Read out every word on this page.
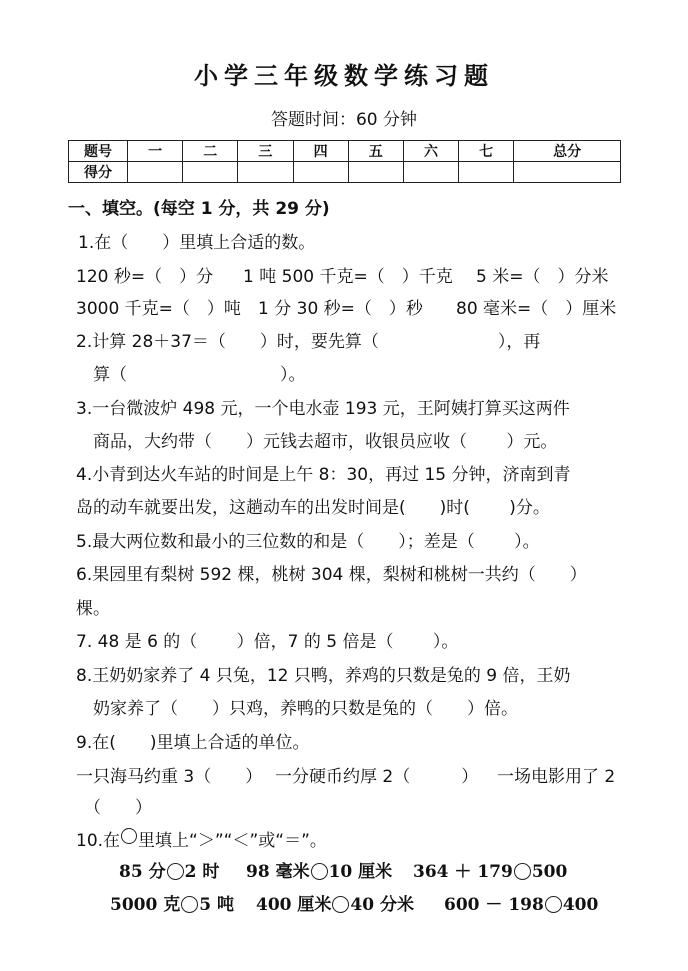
小学三年级数学练习题
答题时间：60 分钟
题号	一	二	三	四	五	六	七	总分
得分								
一、填空。(每空 1 分，共 29 分)
1.在（　　）里填上合适的数。
120 秒=（　）分 1 吨 500 千克=（　）千克 5 米=（　）分米
3000 千克=（　）吨 1 分 30 秒=（　）秒 80 毫米=（　）厘米
2.计算 28＋37＝（　　）时，要先算（　　　　　　　），再
算（　　　　　　　　　）。
3.一台微波炉 498 元，一个电水壶 193 元，王阿姨打算买这两件
商品，大约带（　　）元钱去超市，收银员应收（　　 ）元。
4.小青到达火车站的时间是上午 8：30，再过 15 分钟，济南到青
岛的动车就要出发，这趟动车的出发时间是(　　)时(　　 )分。
5.最大两位数和最小的三位数的和是（　　）；差是（　　 ）。
6.果园里有梨树 592 棵，桃树 304 棵，梨树和桃树一共约（　　）
棵。
7. 48 是 6 的（　　 ）倍，7 的 5 倍是（　　 ）。
8.王奶奶家养了 4 只兔，12 只鸭，养鸡的只数是兔的 9 倍，王奶
奶家养了（　　）只鸡，养鸭的只数是兔的（　　）倍。
9.在(　　)里填上合适的单位。
一只海马约重 3（　　） 一分硬币约厚 2（　　　） 一场电影用了 2
（　　）
10.在 里填上“＞”“＜”或“＝”。
85 分 2 时 98 毫米 10 厘米 364 ＋ 179 500
5000 克 5 吨 400 厘米 40 分米 600 － 198 400
